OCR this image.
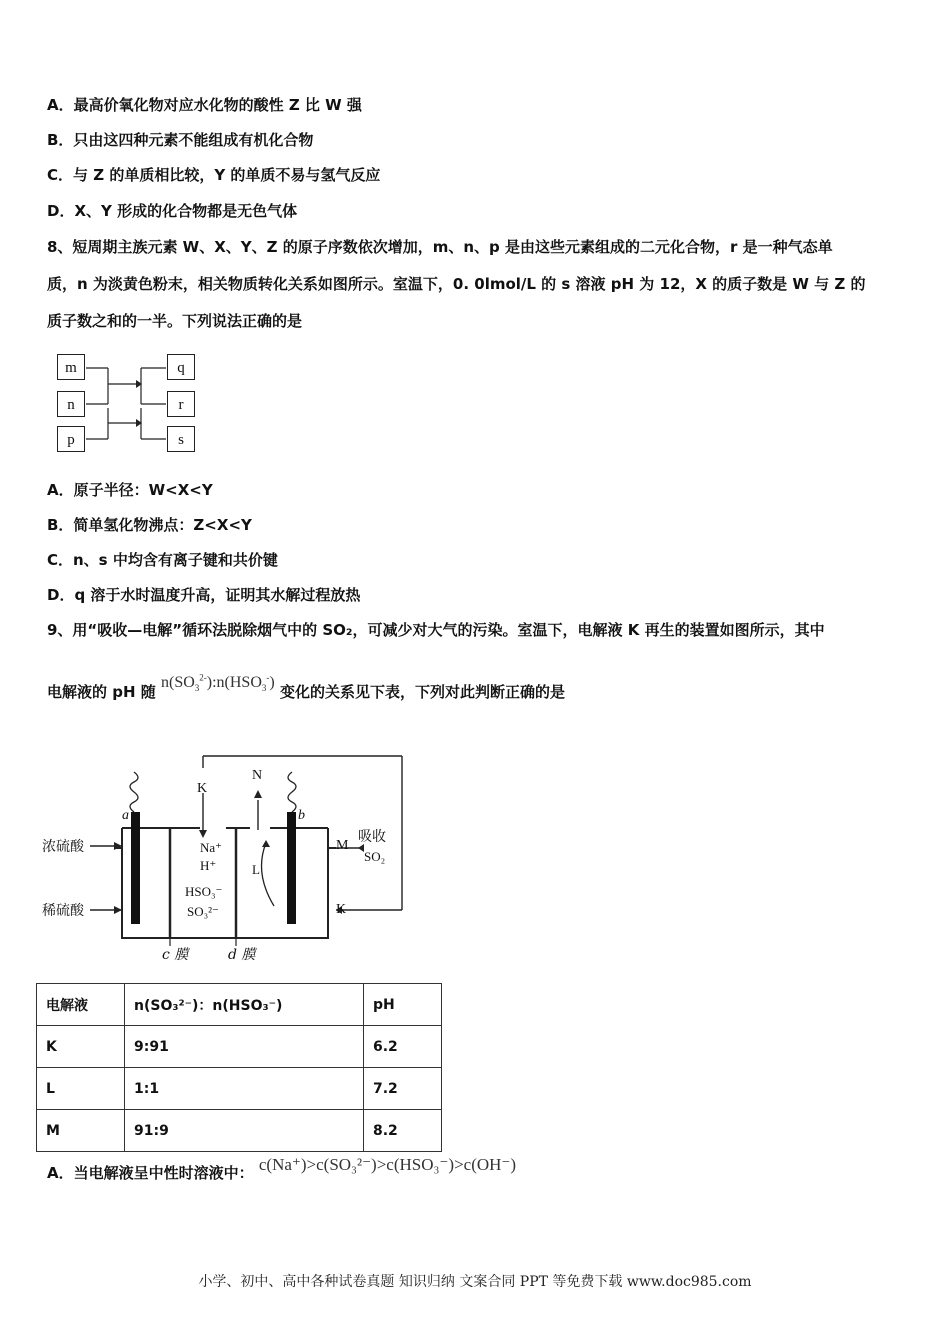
A．最高价氧化物对应水化物的酸性 Z 比 W 强
B．只由这四种元素不能组成有机化合物
C．与 Z 的单质相比较，Y 的单质不易与氢气反应
D．X、Y 形成的化合物都是无色气体
8、短周期主族元素 W、X、Y、Z 的原子序数依次增加，m、n、p 是由这些元素组成的二元化合物，r 是一种气态单
质，n 为淡黄色粉末，相关物质转化关系如图所示。室温下，0. 0lmol/L 的 s 溶液 pH 为 12，X 的质子数是 W 与 Z 的
质子数之和的一半。下列说法正确的是
m
n
p
q
r
s
A．原子半径：W<X<Y
B．简单氢化物沸点：Z<X<Y
C．n、s 中均含有离子键和共价键
D．q 溶于水时温度升高，证明其水解过程放热
9、用“吸收—电解”循环法脱除烟气中的 SO₂，可减少对大气的污染。室温下，电解液 K 再生的装置如图所示，其中
电解液的 pH 随 $n(SO_3^{2-}):n(HSO_3^-)$ 变化的关系见下表，下列对此判断正确的是
K
N
a	b
浓硫酸
稀硫酸
M
K
吸收
SO₂
Na⁺
H⁺
HSO₃⁻
SO₃²⁻
L
c 膜	d 膜
电解液	n(SO₃²⁻)：n(HSO₃⁻)	pH
K	9:91	6.2
L	1:1	7.2
M	91:9	8.2
A．当电解液呈中性时溶液中： c(Na⁺)>c(SO₃²⁻)>c(HSO₃⁻)>c(OH⁻)
小学、初中、高中各种试卷真题 知识归纳 文案合同 PPT 等免费下载 www.doc985.com
